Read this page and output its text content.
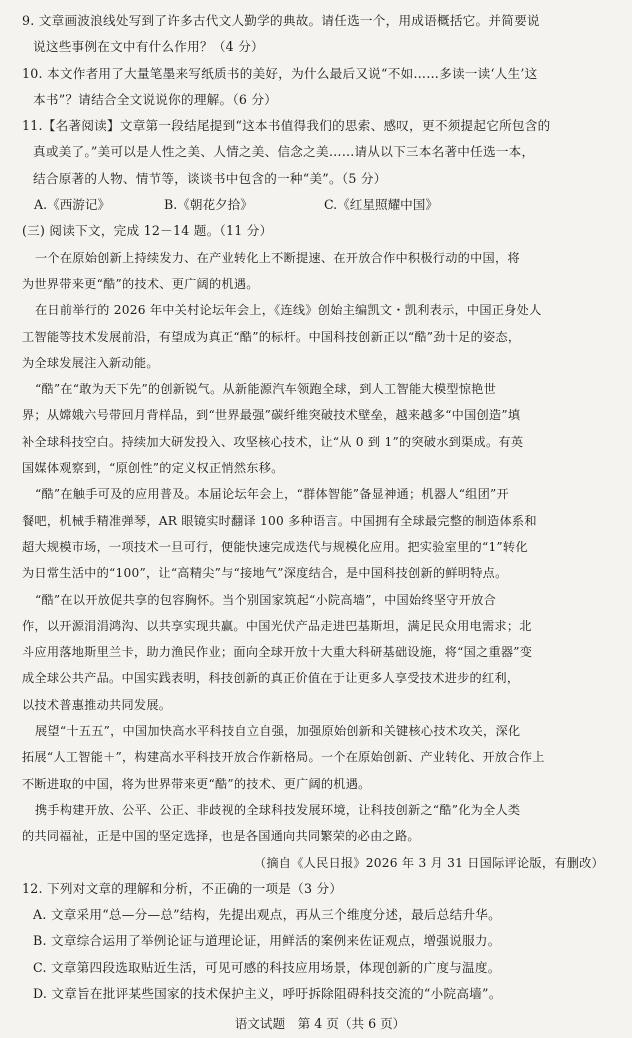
9. 文章画波浪线处写到了许多古代文人勤学的典故。请任选一个，用成语概括它。并简要说
说这些事例在文中有什么作用？（4 分）
10. 本文作者用了大量笔墨来写纸质书的美好，为什么最后又说“不如……多读一读‘人生’这
本书”？请结合全文说说你的理解。（6 分）
11.【名著阅读】文章第一段结尾提到“这本书值得我们的思索、感叹，更不须提起它所包含的
真或美了。”美可以是人性之美、人情之美、信念之美……请从以下三本名著中任选一本，
结合原著的人物、情节等，谈谈书中包含的一种“美”。（5 分）
A.《西游记》	B.《朝花夕拾》	C.《红星照耀中国》
(三) 阅读下文，完成 12－14 题。（11 分）
一个在原始创新上持续发力、在产业转化上不断提速、在开放合作中积极行动的中国，将
为世界带来更“酷”的技术、更广阔的机遇。
在日前举行的 2026 年中关村论坛年会上，《连线》创始主编凯文・凯利表示，中国正身处人
工智能等技术发展前沿，有望成为真正“酷”的标杆。中国科技创新正以“酷”劲十足的姿态，
为全球发展注入新动能。
“酷”在“敢为天下先”的创新锐气。从新能源汽车领跑全球，到人工智能大模型惊艳世
界；从嫦娥六号带回月背样品，到“世界最强”碳纤维突破技术壁垒，越来越多“中国创造”填
补全球科技空白。持续加大研发投入、攻坚核心技术，让“从 0 到 1”的突破水到渠成。有英
国媒体观察到，“原创性”的定义权正悄然东移。
“酷”在触手可及的应用普及。本届论坛年会上，“群体智能”备显神通；机器人“组团”开
餐吧，机械手精准弹琴，AR 眼镜实时翻译 100 多种语言。中国拥有全球最完整的制造体系和
超大规模市场，一项技术一旦可行，便能快速完成迭代与规模化应用。把实验室里的“1”转化
为日常生活中的“100”，让“高精尖”与“接地气”深度结合，是中国科技创新的鲜明特点。
“酷”在以开放促共享的包容胸怀。当个别国家筑起“小院高墙”，中国始终坚守开放合
作，以开源涓涓鸿沟、以共享实现共赢。中国光伏产品走进巴基斯坦，满足民众用电需求；北
斗应用落地斯里兰卡，助力渔民作业；面向全球开放十大重大科研基础设施，将“国之重器”变
成全球公共产品。中国实践表明，科技创新的真正价值在于让更多人享受技术进步的红利，
以技术普惠推动共同发展。
展望“十五五”，中国加快高水平科技自立自强，加强原始创新和关键核心技术攻关，深化
拓展“人工智能＋”，构建高水平科技开放合作新格局。一个在原始创新、产业转化、开放合作上
不断进取的中国，将为世界带来更“酷”的技术、更广阔的机遇。
携手构建开放、公平、公正、非歧视的全球科技发展环境，让科技创新之“酷”化为全人类
的共同福祉，正是中国的坚定选择，也是各国通向共同繁荣的必由之路。
（摘自《人民日报》2026 年 3 月 31 日国际评论版，有删改）
12. 下列对文章的理解和分析，不正确的一项是（3 分）
A. 文章采用“总—分—总”结构，先提出观点，再从三个维度分述，最后总结升华。
B. 文章综合运用了举例论证与道理论证，用鲜活的案例来佐证观点，增强说服力。
C. 文章第四段选取贴近生活，可见可感的科技应用场景，体现创新的广度与温度。
D. 文章旨在批评某些国家的技术保护主义，呼吁拆除阻碍科技交流的“小院高墙”。
语文试题　第 4 页（共 6 页）
